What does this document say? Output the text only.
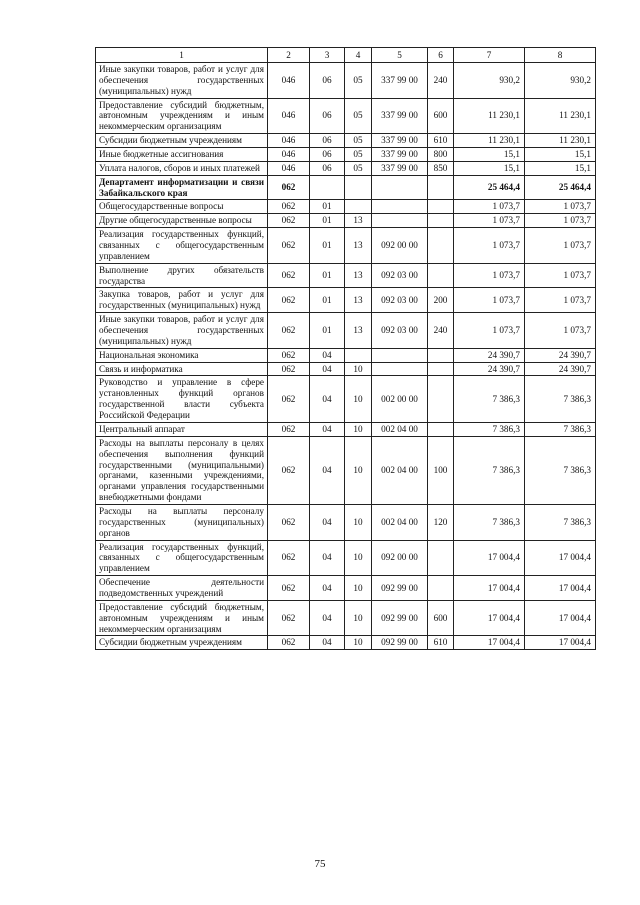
1	2	3	4	5	6	7	8
Иные закупки товаров, работ и услуг для обеспечения государственных (муниципальных) нужд	046	06	05	337 99 00	240	930,2	930,2
Предоставление субсидий бюджетным, автономным учреждениям и иным некоммерческим организациям	046	06	05	337 99 00	600	11 230,1	11 230,1
Субсидии бюджетным учреждениям	046	06	05	337 99 00	610	11 230,1	11 230,1
Иные бюджетные ассигнования	046	06	05	337 99 00	800	15,1	15,1
Уплата налогов, сборов и иных платежей	046	06	05	337 99 00	850	15,1	15,1
Департамент информатизации и связи Забайкальского края	062					25 464,4	25 464,4
Общегосударственные вопросы	062	01				1 073,7	1 073,7
Другие общегосударственные вопросы	062	01	13			1 073,7	1 073,7
Реализация государственных функций, связанных с общегосударственным управлением	062	01	13	092 00 00		1 073,7	1 073,7
Выполнение других обязательств государства	062	01	13	092 03 00		1 073,7	1 073,7
Закупка товаров, работ и услуг для государственных (муниципальных) нужд	062	01	13	092 03 00	200	1 073,7	1 073,7
Иные закупки товаров, работ и услуг для обеспечения государственных (муниципальных) нужд	062	01	13	092 03 00	240	1 073,7	1 073,7
Национальная экономика	062	04				24 390,7	24 390,7
Связь и информатика	062	04	10			24 390,7	24 390,7
Руководство и управление в сфере установленных функций органов государственной власти субъекта Российской Федерации	062	04	10	002 00 00		7 386,3	7 386,3
Центральный аппарат	062	04	10	002 04 00		7 386,3	7 386,3
Расходы на выплаты персоналу в целях обеспечения выполнения функций государственными (муниципальными) органами, казенными учреждениями, органами управления государственными внебюджетными фондами	062	04	10	002 04 00	100	7 386,3	7 386,3
Расходы на выплаты персоналу государственных (муниципальных) органов	062	04	10	002 04 00	120	7 386,3	7 386,3
Реализация государственных функций, связанных с общегосударственным управлением	062	04	10	092 00 00		17 004,4	17 004,4
Обеспечение деятельности подведомственных учреждений	062	04	10	092 99 00		17 004,4	17 004,4
Предоставление субсидий бюджетным, автономным учреждениям и иным некоммерческим организациям	062	04	10	092 99 00	600	17 004,4	17 004,4
Субсидии бюджетным учреждениям	062	04	10	092 99 00	610	17 004,4	17 004,4
75
